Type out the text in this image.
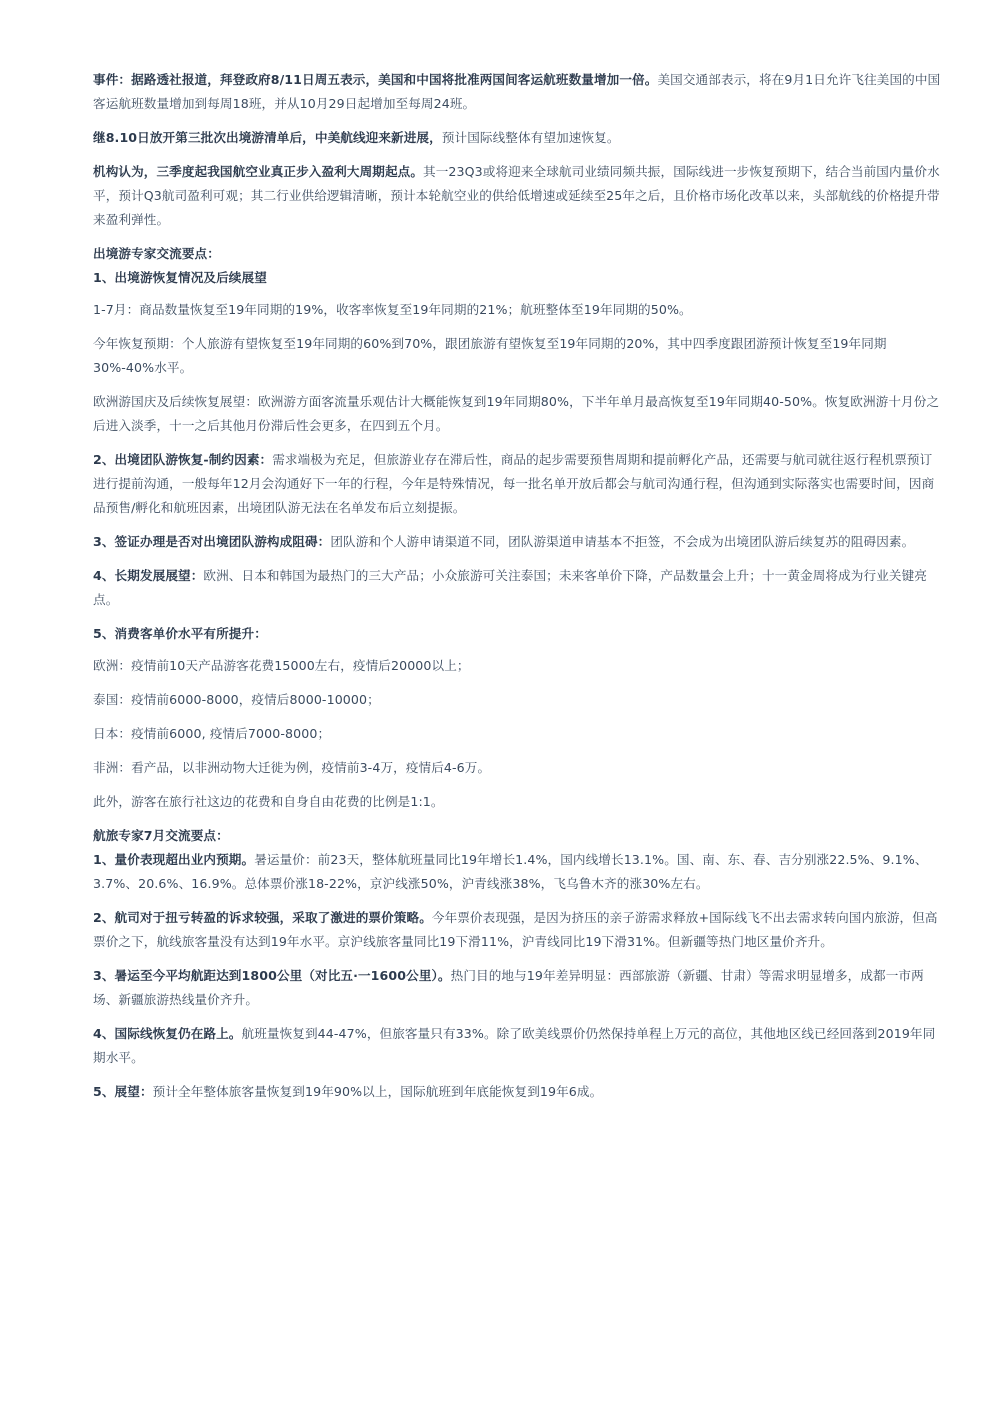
事件：据路透社报道，拜登政府8/11日周五表示，美国和中国将批准两国间客运航班数量增加一倍。美国交通部表示，将在9月1日允许飞往美国的中国客运航班数量增加到每周18班，并从10月29日起增加至每周24班。

继8.10日放开第三批次出境游清单后，中美航线迎来新进展，预计国际线整体有望加速恢复。

机构认为，三季度起我国航空业真正步入盈利大周期起点。其一23Q3或将迎来全球航司业绩同频共振，国际线进一步恢复预期下，结合当前国内量价水平，预计Q3航司盈利可观；其二行业供给逻辑清晰，预计本轮航空业的供给低增速或延续至25年之后，且价格市场化改革以来，头部航线的价格提升带来盈利弹性。

出境游专家交流要点：

1、出境游恢复情况及后续展望

1-7月：商品数量恢复至19年同期的19%，收客率恢复至19年同期的21%；航班整体至19年同期的50%。

今年恢复预期：个人旅游有望恢复至19年同期的60%到70%，跟团旅游有望恢复至19年同期的20%，其中四季度跟团游预计恢复至19年同期30%-40%水平。

欧洲游国庆及后续恢复展望：欧洲游方面客流量乐观估计大概能恢复到19年同期80%，下半年单月最高恢复至19年同期40-50%。恢复欧洲游十月份之后进入淡季，十一之后其他月份滞后性会更多，在四到五个月。

2、出境团队游恢复-制约因素：需求端极为充足，但旅游业存在滞后性，商品的起步需要预售周期和提前孵化产品，还需要与航司就往返行程机票预订进行提前沟通，一般每年12月会沟通好下一年的行程，今年是特殊情况，每一批名单开放后都会与航司沟通行程，但沟通到实际落实也需要时间，因商品预售/孵化和航班因素，出境团队游无法在名单发布后立刻提振。

3、签证办理是否对出境团队游构成阻碍：团队游和个人游申请渠道不同，团队游渠道申请基本不拒签，不会成为出境团队游后续复苏的阻碍因素。

4、长期发展展望：欧洲、日本和韩国为最热门的三大产品；小众旅游可关注泰国；未来客单价下降，产品数量会上升；十一黄金周将成为行业关键亮点。

5、消费客单价水平有所提升：

欧洲：疫情前10天产品游客花费15000左右，疫情后20000以上；

泰国：疫情前6000-8000，疫情后8000-10000；

日本：疫情前6000, 疫情后7000-8000；

非洲：看产品，以非洲动物大迁徙为例，疫情前3-4万，疫情后4-6万。

此外，游客在旅行社这边的花费和自身自由花费的比例是1:1。

航旅专家7月交流要点：

1、量价表现超出业内预期。暑运量价：前23天，整体航班量同比19年增长1.4%，国内线增长13.1%。国、南、东、春、吉分别涨22.5%、9.1%、3.7%、20.6%、16.9%。总体票价涨18-22%，京沪线涨50%，沪青线涨38%，飞乌鲁木齐的涨30%左右。

2、航司对于扭亏转盈的诉求较强，采取了激进的票价策略。今年票价表现强，是因为挤压的亲子游需求释放+国际线飞不出去需求转向国内旅游，但高票价之下，航线旅客量没有达到19年水平。京沪线旅客量同比19下滑11%，沪青线同比19下滑31%。但新疆等热门地区量价齐升。

3、暑运至今平均航距达到1800公里（对比五·一1600公里）。热门目的地与19年差异明显：西部旅游（新疆、甘肃）等需求明显增多，成都一市两场、新疆旅游热线量价齐升。

4、国际线恢复仍在路上。航班量恢复到44-47%，但旅客量只有33%。除了欧美线票价仍然保持单程上万元的高位，其他地区线已经回落到2019年同期水平。

5、展望：预计全年整体旅客量恢复到19年90%以上，国际航班到年底能恢复到19年6成。
